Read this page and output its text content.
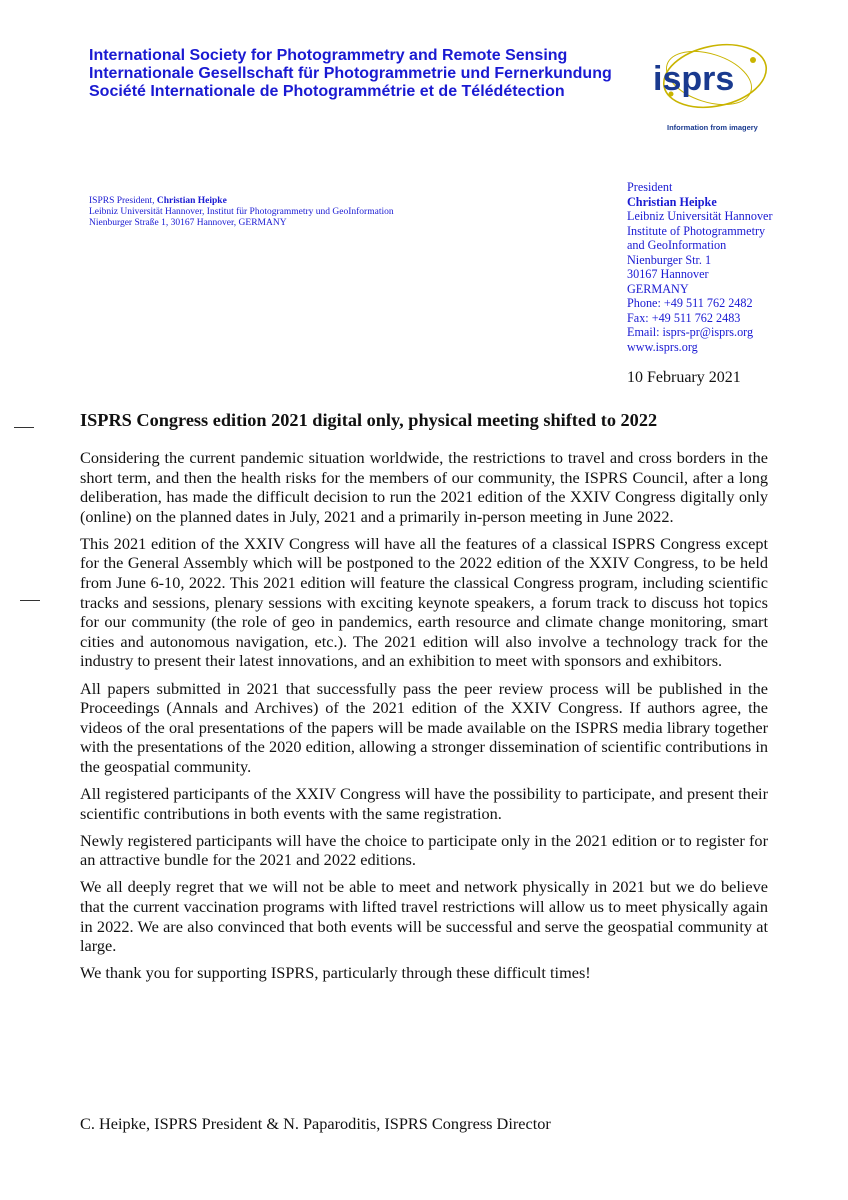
International Society for Photogrammetry and Remote Sensing
Internationale Gesellschaft für Photogrammetrie und Fernerkundung
Société Internationale de Photogrammétrie et de Télédétection	isprs
Information from imagery
ISPRS President, Christian Heipke
Leibniz Universität Hannover, Institut für Photogrammetry und GeoInformation
Nienburger Straße 1, 30167 Hannover, GERMANY
President
Christian Heipke
Leibniz Universität Hannover
Institute of Photogrammetry
and GeoInformation
Nienburger Str. 1
30167 Hannover
GERMANY
Phone: +49 511 762 2482
Fax: +49 511 762 2483
Email: isprs-pr@isprs.org
www.isprs.org
10 February 2021
ISPRS Congress edition 2021 digital only, physical meeting shifted to 2022

Considering the current pandemic situation worldwide, the restrictions to travel and cross borders in the short term, and then the health risks for the members of our community, the ISPRS Council, after a long deliberation, has made the difficult decision to run the 2021 edition of the XXIV Congress digitally only (online) on the planned dates in July, 2021 and a primarily in-person meeting in June 2022.

This 2021 edition of the XXIV Congress will have all the features of a classical ISPRS Congress except for the General Assembly which will be postponed to the 2022 edition of the XXIV Congress, to be held from June 6-10, 2022. This 2021 edition will feature the classical Congress program, including scientific tracks and sessions, plenary sessions with exciting keynote speakers, a forum track to discuss hot topics for our community (the role of geo in pandemics, earth resource and climate change monitoring, smart cities and autonomous navigation, etc.). The 2021 edition will also involve a technology track for the industry to present their latest innovations, and an exhibition to meet with sponsors and exhibitors.

All papers submitted in 2021 that successfully pass the peer review process will be published in the Proceedings (Annals and Archives) of the 2021 edition of the XXIV Congress. If authors agree, the videos of the oral presentations of the papers will be made available on the ISPRS media library together with the presentations of the 2020 edition, allowing a stronger dissemination of scientific contributions in the geospatial community.

All registered participants of the XXIV Congress will have the possibility to participate, and present their scientific contributions in both events with the same registration.

Newly registered participants will have the choice to participate only in the 2021 edition or to register for an attractive bundle for the 2021 and 2022 editions.

We all deeply regret that we will not be able to meet and network physically in 2021 but we do believe that the current vaccination programs with lifted travel restrictions will allow us to meet physically again in 2022. We are also convinced that both events will be successful and serve the geospatial community at large.

We thank you for supporting ISPRS, particularly through these difficult times!

C. Heipke, ISPRS President & N. Paparoditis, ISPRS Congress Director
